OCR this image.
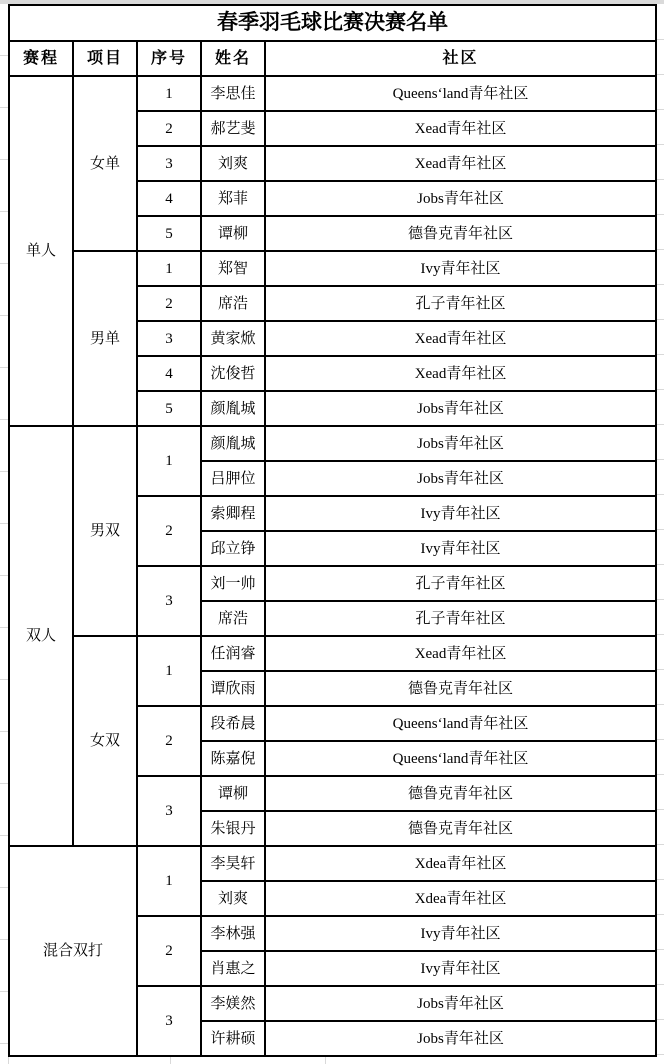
春季羽毛球比赛决赛名单				
赛程	项目	序号	姓名	社区
单人	女单	1	李思佳	Queens‘land青年社区
		2	郝艺斐	Xead青年社区
		3	刘爽	Xead青年社区
		4	郑菲	Jobs青年社区
		5	谭柳	德鲁克青年社区
	男单	1	郑智	Ivy青年社区
		2	席浩	孔子青年社区
		3	黄家焮	Xead青年社区
		4	沈俊哲	Xead青年社区
		5	颜胤城	Jobs青年社区
双人	男双	1	颜胤城	Jobs青年社区
			吕胛位	Jobs青年社区
		2	索卿程	Ivy青年社区
			邱立铮	Ivy青年社区
		3	刘一帅	孔子青年社区
			席浩	孔子青年社区
	女双	1	任润睿	Xead青年社区
			谭欣雨	德鲁克青年社区
		2	段希晨	Queens‘land青年社区
			陈嘉倪	Queens‘land青年社区
		3	谭柳	德鲁克青年社区
			朱银丹	德鲁克青年社区
混合双打		1	李昊轩	Xdea青年社区
			刘爽	Xdea青年社区
		2	李林强	Ivy青年社区
			肖惠之	Ivy青年社区
		3	李媄然	Jobs青年社区
			许耕硕	Jobs青年社区
